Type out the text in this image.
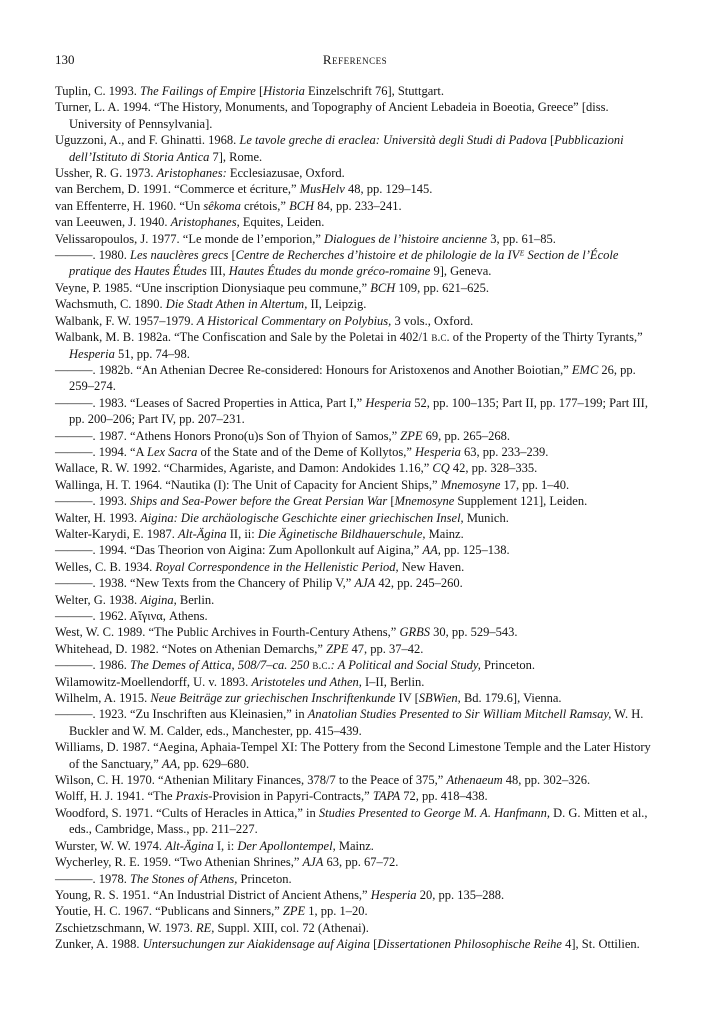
130	References

Tuplin, C. 1993. The Failings of Empire [Historia Einzelschrift 76], Stuttgart.

Turner, L. A. 1994. “The History, Monuments, and Topography of Ancient Lebadeia in Boeotia, Greece” [diss. University of Pennsylvania].

Uguzzoni, A., and F. Ghinatti. 1968. Le tavole greche di eraclea: Università degli Studi di Padova [Pubblicazioni dell’Istituto di Storia Antica 7], Rome.

Ussher, R. G. 1973. Aristophanes: Ecclesiazusae, Oxford.

van Berchem, D. 1991. “Commerce et écriture,” MusHelv 48, pp. 129–145.

van Effenterre, H. 1960. “Un sêkoma crétois,” BCH 84, pp. 233–241.

van Leeuwen, J. 1940. Aristophanes, Equites, Leiden.

Velissaropoulos, J. 1977. “Le monde de l’emporion,” Dialogues de l’histoire ancienne 3, pp. 61–85.

———. 1980. Les nauclères grecs [Centre de Recherches d’histoire et de philologie de la IVᴱ Section de l’École pratique des Hautes Études III, Hautes Études du monde gréco-romaine 9], Geneva.

Veyne, P. 1985. “Une inscription Dionysiaque peu commune,” BCH 109, pp. 621–625.

Wachsmuth, C. 1890. Die Stadt Athen in Altertum, II, Leipzig.

Walbank, F. W. 1957–1979. A Historical Commentary on Polybius, 3 vols., Oxford.

Walbank, M. B. 1982a. “The Confiscation and Sale by the Poletai in 402/1 b.c. of the Property of the Thirty Tyrants,” Hesperia 51, pp. 74–98.

———. 1982b. “An Athenian Decree Re-considered: Honours for Aristoxenos and Another Boiotian,” EMC 26, pp. 259–274.

———. 1983. “Leases of Sacred Properties in Attica, Part I,” Hesperia 52, pp. 100–135; Part II, pp. 177–199; Part III, pp. 200–206; Part IV, pp. 207–231.

———. 1987. “Athens Honors Prono(u)s Son of Thyion of Samos,” ZPE 69, pp. 265–268.

———. 1994. “A Lex Sacra of the State and of the Deme of Kollytos,” Hesperia 63, pp. 233–239.

Wallace, R. W. 1992. “Charmides, Agariste, and Damon: Andokides 1.16,” CQ 42, pp. 328–335.

Wallinga, H. T. 1964. “Nautika (I): The Unit of Capacity for Ancient Ships,” Mnemosyne 17, pp. 1–40.

———. 1993. Ships and Sea-Power before the Great Persian War [Mnemosyne Supplement 121], Leiden.

Walter, H. 1993. Aigina: Die archäologische Geschichte einer griechischen Insel, Munich.

Walter-Karydi, E. 1987. Alt-Ägina II, ii: Die Äginetische Bildhauerschule, Mainz.

———. 1994. “Das Theorion von Aigina: Zum Apollonkult auf Aigina,” AA, pp. 125–138.

Welles, C. B. 1934. Royal Correspondence in the Hellenistic Period, New Haven.

———. 1938. “New Texts from the Chancery of Philip V,” AJA 42, pp. 245–260.

Welter, G. 1938. Aigina, Berlin.

———. 1962. Αἴγινα, Athens.

West, W. C. 1989. “The Public Archives in Fourth-Century Athens,” GRBS 30, pp. 529–543.

Whitehead, D. 1982. “Notes on Athenian Demarchs,” ZPE 47, pp. 37–42.

———. 1986. The Demes of Attica, 508/7–ca. 250 b.c.: A Political and Social Study, Princeton.

Wilamowitz-Moellendorff, U. v. 1893. Aristoteles und Athen, I–II, Berlin.

Wilhelm, A. 1915. Neue Beiträge zur griechischen Inschriftenkunde IV [SBWien, Bd. 179.6], Vienna.

———. 1923. “Zu Inschriften aus Kleinasien,” in Anatolian Studies Presented to Sir William Mitchell Ramsay, W. H. Buckler and W. M. Calder, eds., Manchester, pp. 415–439.

Williams, D. 1987. “Aegina, Aphaia-Tempel XI: The Pottery from the Second Limestone Temple and the Later History of the Sanctuary,” AA, pp. 629–680.

Wilson, C. H. 1970. “Athenian Military Finances, 378/7 to the Peace of 375,” Athenaeum 48, pp. 302–326.

Wolff, H. J. 1941. “The Praxis-Provision in Papyri-Contracts,” TAPA 72, pp. 418–438.

Woodford, S. 1971. “Cults of Heracles in Attica,” in Studies Presented to George M. A. Hanfmann, D. G. Mitten et al., eds., Cambridge, Mass., pp. 211–227.

Wurster, W. W. 1974. Alt-Ägina I, i: Der Apollontempel, Mainz.

Wycherley, R. E. 1959. “Two Athenian Shrines,” AJA 63, pp. 67–72.

———. 1978. The Stones of Athens, Princeton.

Young, R. S. 1951. “An Industrial District of Ancient Athens,” Hesperia 20, pp. 135–288.

Youtie, H. C. 1967. “Publicans and Sinners,” ZPE 1, pp. 1–20.

Zschietzschmann, W. 1973. RE, Suppl. XIII, col. 72 (Athenai).

Zunker, A. 1988. Untersuchungen zur Aiakidensage auf Aigina [Dissertationen Philosophische Reihe 4], St. Ottilien.
